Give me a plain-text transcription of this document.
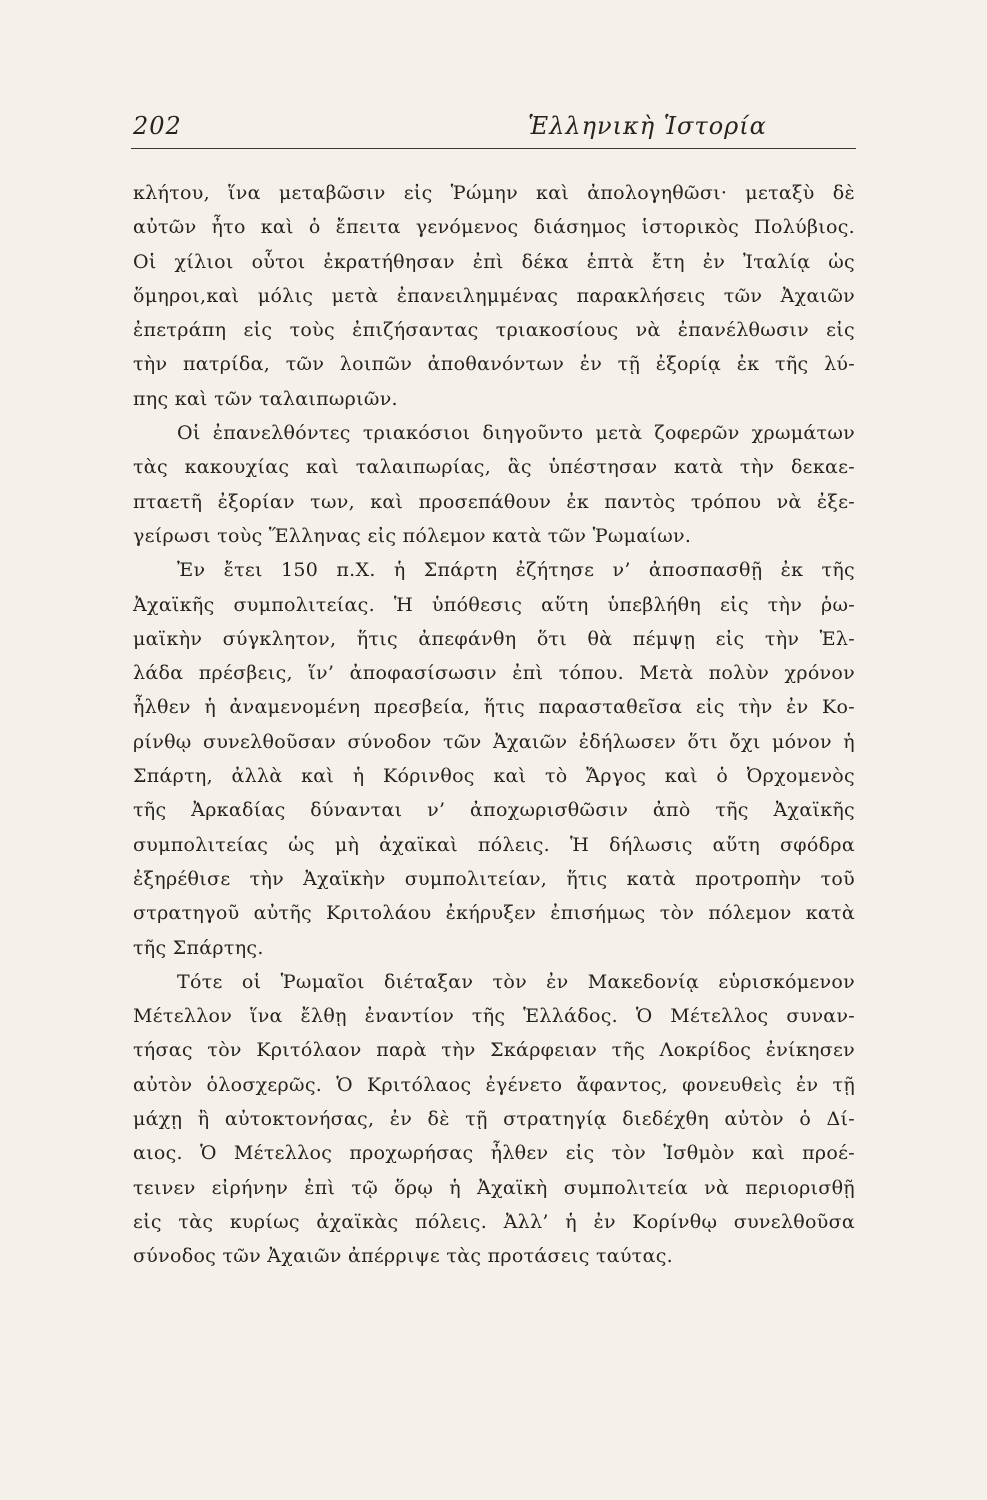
202	Ἑλληνικὴ Ἱστορία
κλήτου, ἵνα μεταβῶσιν εἰς Ῥώμην καὶ ἀπολογηθῶσι· μεταξὺ δὲ
αὐτῶν ἦτο καὶ ὁ ἔπειτα γενόμενος διάσημος ἱστορικὸς Πολύβιος.
Οἱ χίλιοι οὗτοι ἐκρατήθησαν ἐπὶ δέκα ἑπτὰ ἔτη ἐν Ἰταλίᾳ ὡς
ὅμηροι,καὶ μόλις μετὰ ἐπανειλημμένας παρακλήσεις τῶν Ἀχαιῶν
ἐπετράπη εἰς τοὺς ἐπιζήσαντας τριακοσίους νὰ ἐπανέλθωσιν εἰς
τὴν πατρίδα, τῶν λοιπῶν ἀποθανόντων ἐν τῇ ἐξορίᾳ ἐκ τῆς λύ-
πης καὶ τῶν ταλαιπωριῶν.
Οἱ ἐπανελθόντες τριακόσιοι διηγοῦντο μετὰ ζοφερῶν χρωμάτων
τὰς κακουχίας καὶ ταλαιπωρίας, ἃς ὑπέστησαν κατὰ τὴν δεκαε-
πταετῆ ἐξορίαν των, καὶ προσεπάθουν ἐκ παντὸς τρόπου νὰ ἐξε-
γείρωσι τοὺς Ἕλληνας εἰς πόλεμον κατὰ τῶν Ῥωμαίων.
Ἐν ἔτει 150 π.Χ. ἡ Σπάρτη ἐζήτησε ν’ ἀποσπασθῇ ἐκ τῆς
Ἀχαϊκῆς συμπολιτείας. Ἡ ὑπόθεσις αὕτη ὑπεβλήθη εἰς τὴν ῥω-
μαϊκὴν σύγκλητον, ἥτις ἀπεφάνθη ὅτι θὰ πέμψῃ εἰς τὴν Ἑλ-
λάδα πρέσβεις, ἵν’ ἀποφασίσωσιν ἐπὶ τόπου. Μετὰ πολὺν χρόνον
ἦλθεν ἡ ἀναμενομένη πρεσβεία, ἥτις παρασταθεῖσα εἰς τὴν ἐν Κο-
ρίνθῳ συνελθοῦσαν σύνοδον τῶν Ἀχαιῶν ἐδήλωσεν ὅτι ὄχι μόνον ἡ
Σπάρτη, ἀλλὰ καὶ ἡ Κόρινθος καὶ τὸ Ἄργος καὶ ὁ Ὀρχομενὸς
τῆς Ἀρκαδίας δύνανται ν’ ἀποχωρισθῶσιν ἀπὸ τῆς Ἀχαϊκῆς
συμπολιτείας ὡς μὴ ἀχαϊκαὶ πόλεις. Ἡ δήλωσις αὕτη σφόδρα
ἐξηρέθισε τὴν Ἀχαϊκὴν συμπολιτείαν, ἥτις κατὰ προτροπὴν τοῦ
στρατηγοῦ αὐτῆς Κριτολάου ἐκήρυξεν ἐπισήμως τὸν πόλεμον κατὰ
τῆς Σπάρτης.
Τότε οἱ Ῥωμαῖοι διέταξαν τὸν ἐν Μακεδονίᾳ εὑρισκόμενον
Μέτελλον ἵνα ἔλθῃ ἐναντίον τῆς Ἑλλάδος. Ὁ Μέτελλος συναν-
τήσας τὸν Κριτόλαον παρὰ τὴν Σκάρφειαν τῆς Λοκρίδος ἐνίκησεν
αὐτὸν ὁλοσχερῶς. Ὁ Κριτόλαος ἐγένετο ἄφαντος, φονευθεὶς ἐν τῇ
μάχῃ ἢ αὐτοκτονήσας, ἐν δὲ τῇ στρατηγίᾳ διεδέχθη αὐτὸν ὁ Δί-
αιος. Ὁ Μέτελλος προχωρήσας ἦλθεν εἰς τὸν Ἰσθμὸν καὶ προέ-
τεινεν εἰρήνην ἐπὶ τῷ ὅρῳ ἡ Ἀχαϊκὴ συμπολιτεία νὰ περιορισθῇ
εἰς τὰς κυρίως ἀχαϊκὰς πόλεις. Ἀλλ’ ἡ ἐν Κορίνθῳ συνελθοῦσα
σύνοδος τῶν Ἀχαιῶν ἀπέρριψε τὰς προτάσεις ταύτας.
